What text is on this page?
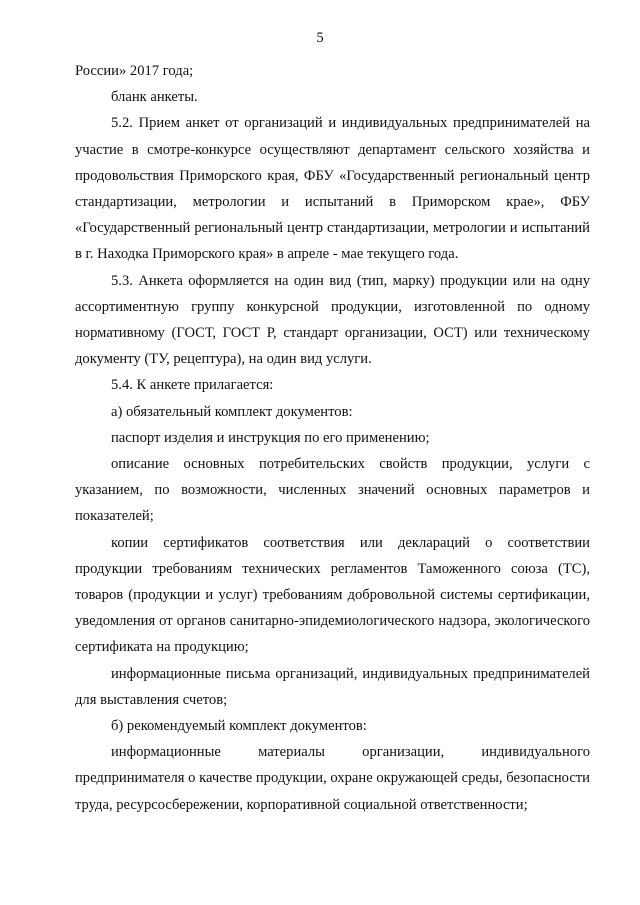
5

России» 2017 года;

бланк анкеты.

5.2. Прием анкет от организаций и индивидуальных предпринимателей на участие в смотре-конкурсе осуществляют департамент сельского хозяйства и продовольствия Приморского края, ФБУ «Государственный региональный центр стандартизации, метрологии и испытаний в Приморском крае», ФБУ «Государственный региональный центр стандартизации, метрологии и испытаний в г. Находка Приморского края» в апреле - мае текущего года.

5.3. Анкета оформляется на один вид (тип, марку) продукции или на одну ассортиментную группу конкурсной продукции, изготовленной по одному нормативному (ГОСТ, ГОСТ Р, стандарт организации, ОСТ) или техническому документу (ТУ, рецептура), на один вид услуги.

5.4. К анкете прилагается:

а) обязательный комплект документов:

паспорт изделия и инструкция по его применению;

описание основных потребительских свойств продукции, услуги с указанием, по возможности, численных значений основных параметров и показателей;

копии сертификатов соответствия или деклараций о соответствии продукции требованиям технических регламентов Таможенного союза (ТС), товаров (продукции и услуг) требованиям добровольной системы сертификации, уведомления от органов санитарно-эпидемиологического надзора, экологического сертификата на продукцию;

информационные письма организаций, индивидуальных предпринимателей для выставления счетов;

б) рекомендуемый комплект документов:

информационные материалы организации, индивидуального предпринимателя о качестве продукции, охране окружающей среды, безопасности труда, ресурсосбережении, корпоративной социальной ответственности;
